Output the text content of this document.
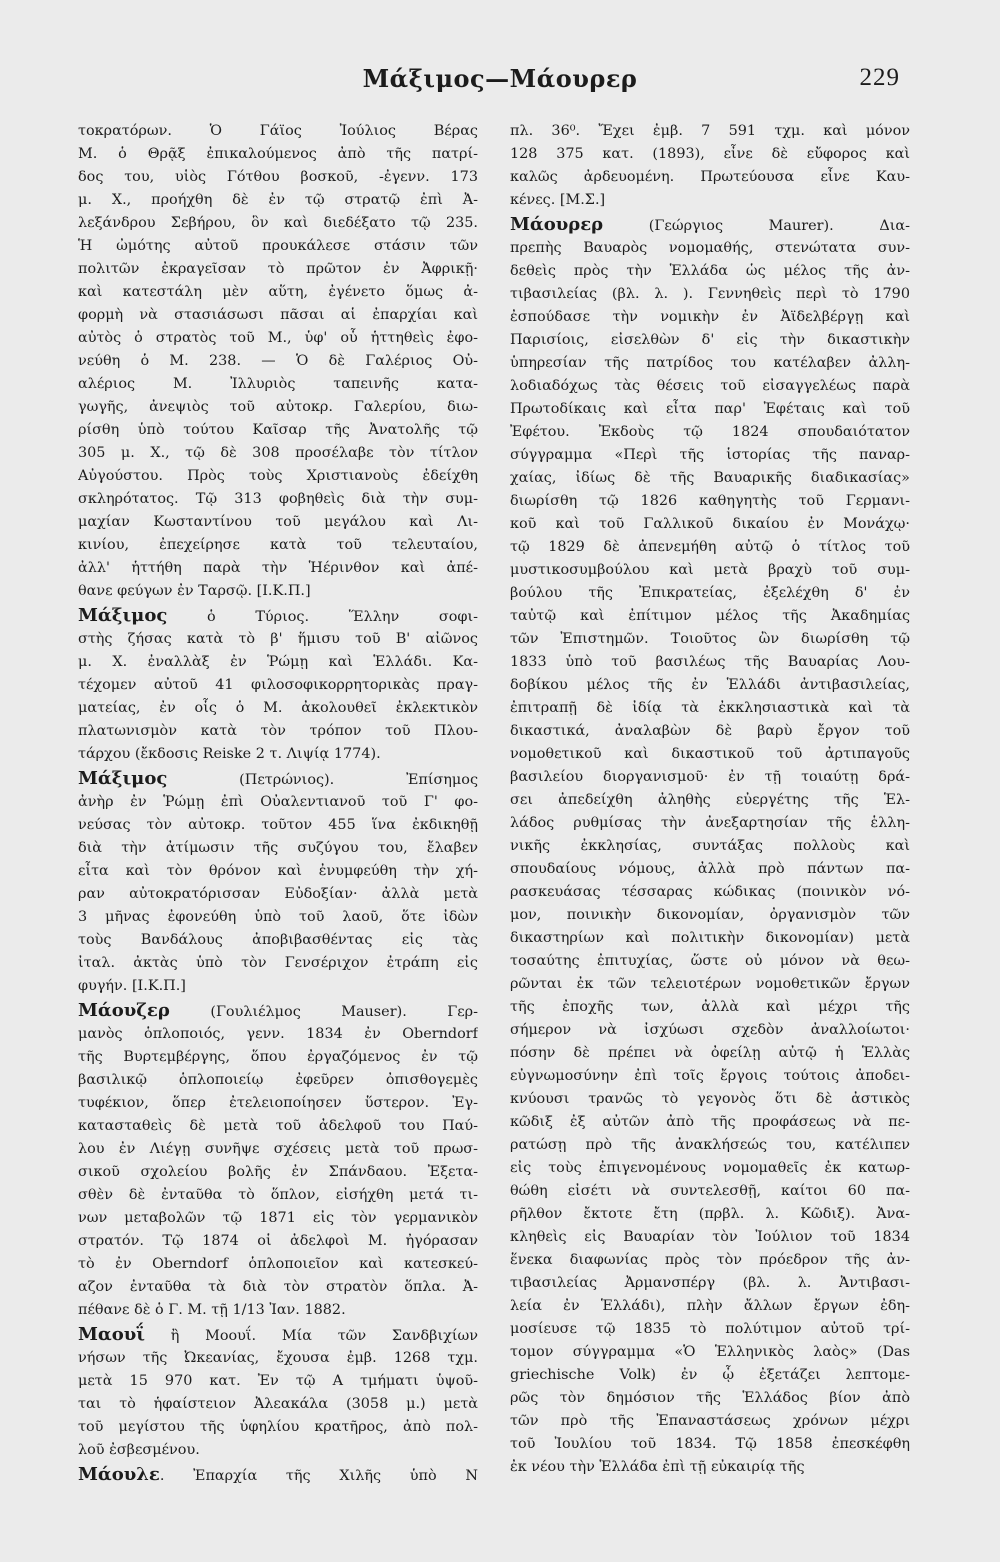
Μάξιμος—Μάουρερ	229
τοκρατόρων. Ὁ Γάϊος Ἰούλιος Βέρας
Μ. ὁ Θρᾷξ ἐπικαλούμενος ἀπὸ τῆς πατρί-
δος του, υἱὸς Γότθου βοσκοῦ, -ἐγενν. 173
μ. Χ., προήχθη δὲ ἐν τῷ στρατῷ ἐπὶ Ἀ-
λεξάνδρου Σεβήρου, ὃν καὶ διεδέξατο τῷ 235.
Ἡ ὠμότης αὐτοῦ προυκάλεσε στάσιν τῶν
πολιτῶν ἐκραγεῖσαν τὸ πρῶτον ἐν Ἀφρικῇ·
καὶ κατεστάλη μὲν αὕτη, ἐγένετο ὅμως ἀ-
φορμὴ νὰ στασιάσωσι πᾶσαι αἱ ἐπαρχίαι καὶ
αὐτὸς ὁ στρατὸς τοῦ Μ., ὑφ' οὗ ἡττηθεὶς ἐφο-
νεύθη ὁ Μ. 238. — Ὁ δὲ Γαλέριος Οὐ-
αλέριος Μ. Ἰλλυριὸς ταπεινῆς κατα-
γωγῆς, ἀνεψιὸς τοῦ αὐτοκρ. Γαλερίου, διω-
ρίσθη ὑπὸ τούτου Καῖσαρ τῆς Ἀνατολῆς τῷ
305 μ. Χ., τῷ δὲ 308 προσέλαβε τὸν τίτλον
Αὐγούστου. Πρὸς τοὺς Χριστιανοὺς ἐδείχθη
σκληρότατος. Τῷ 313 φοβηθεὶς διὰ τὴν συμ-
μαχίαν Κωσταντίνου τοῦ μεγάλου καὶ Λι-
κινίου, ἐπεχείρησε κατὰ τοῦ τελευταίου,
ἀλλ' ἡττήθη παρὰ τὴν Ἡέρινθον καὶ ἀπέ-
θανε φεύγων ἐν Ταρσῷ. [Ι.Κ.Π.]
Μάξιμος ὁ Τύριος. Ἕλλην σοφι-
στὴς ζήσας κατὰ τὸ β' ἥμισυ τοῦ Β' αἰῶνος
μ. Χ. ἐναλλὰξ ἐν Ῥώμῃ καὶ Ἑλλάδι. Κα-
τέχομεν αὐτοῦ 41 φιλοσοφικορρητορικὰς πραγ-
ματείας, ἐν οἷς ὁ Μ. ἀκολουθεῖ ἐκλεκτικὸν
πλατωνισμὸν κατὰ τὸν τρόπον τοῦ Πλου-
τάρχου (ἔκδοσις Reiske 2 τ. Λιψίᾳ 1774).
Μάξιμος (Πετρώνιος). Ἐπίσημος
ἀνὴρ ἐν Ῥώμῃ ἐπὶ Οὐαλεντιανοῦ τοῦ Γ' φο-
νεύσας τὸν αὐτοκρ. τοῦτον 455 ἵνα ἐκδικηθῇ
διὰ τὴν ἀτίμωσιν τῆς συζύγου του, ἔλαβεν
εἶτα καὶ τὸν θρόνον καὶ ἐνυμφεύθη τὴν χή-
ραν αὐτοκρατόρισσαν Εὐδοξίαν· ἀλλὰ μετὰ
3 μῆνας ἐφονεύθη ὑπὸ τοῦ λαοῦ, ὅτε ἰδὼν
τοὺς Βανδάλους ἀποβιβασθέντας εἰς τὰς
ἰταλ. ἀκτὰς ὑπὸ τὸν Γενσέριχον ἐτράπη εἰς
φυγήν. [Ι.Κ.Π.]
Μάουζερ (Γουλιέλμος Mauser). Γερ-
μανὸς ὁπλοποιός, γενν. 1834 ἐν Oberndorf
τῆς Βυρτεμβέργης, ὅπου ἐργαζόμενος ἐν τῷ
βασιλικῷ ὁπλοποιείῳ ἐφεῦρεν ὀπισθογεμὲς
τυφέκιον, ὅπερ ἐτελειοποίησεν ὕστερον. Ἐγ-
κατασταθεὶς δὲ μετὰ τοῦ ἀδελφοῦ του Παύ-
λου ἐν Λιέγῃ συνῆψε σχέσεις μετὰ τοῦ πρωσ-
σικοῦ σχολείου βολῆς ἐν Σπάνδαου. Ἐξετα-
σθὲν δὲ ἐνταῦθα τὸ ὅπλον, εἰσήχθη μετά τι-
νων μεταβολῶν τῷ 1871 εἰς τὸν γερμανικὸν
στρατόν. Τῷ 1874 οἱ ἀδελφοὶ Μ. ἠγόρασαν
τὸ ἐν Oberndorf ὁπλοποιεῖον καὶ κατεσκεύ-
αζον ἐνταῦθα τὰ διὰ τὸν στρατὸν ὅπλα. Ἀ-
πέθανε δὲ ὁ Γ. Μ. τῇ 1/13 Ἰαν. 1882.
Μαουΐ ἢ Μοουΐ. Μία τῶν Σανδβιχίων
νήσων τῆς Ὠκεανίας, ἔχουσα ἐμβ. 1268 τχμ.
μετὰ 15 970 κατ. Ἐν τῷ Α τμήματι ὑψοῦ-
ται τὸ ἡφαίστειον Ἀλεακάλα (3058 μ.) μετὰ
τοῦ μεγίστου τῆς ὑφηλίου κρατῆρος, ἀπὸ πολ-
λοῦ ἐσβεσμένου.
Μάουλε. Ἐπαρχία τῆς Χιλῆς ὑπὸ Ν
πλ. 36⁰. Ἔχει ἐμβ. 7 591 τχμ. καὶ μόνον
128 375 κατ. (1893), εἶνε δὲ εὔφορος καὶ
καλῶς ἀρδευομένη. Πρωτεύουσα εἶνε Καυ-
κένες. [Μ.Σ.]
Μάουρερ (Γεώργιος Maurer). Δια-
πρεπὴς Βαυαρὸς νομομαθής, στενώτατα συν-
δεθεὶς πρὸς τὴν Ἑλλάδα ὡς μέλος τῆς ἀν-
τιβασιλείας (βλ. λ. ). Γεννηθεὶς περὶ τὸ 1790
ἐσπούδασε τὴν νομικὴν ἐν Ἀϊδελβέργῃ καὶ
Παρισίοις, εἰσελθὼν δ' εἰς τὴν δικαστικὴν
ὑπηρεσίαν τῆς πατρίδος του κατέλαβεν ἀλλη-
λοδιαδόχως τὰς θέσεις τοῦ εἰσαγγελέως παρὰ
Πρωτοδίκαις καὶ εἶτα παρ' Ἐφέταις καὶ τοῦ
Ἐφέτου. Ἐκδοὺς τῷ 1824 σπουδαιότατον
σύγγραμμα «Περὶ τῆς ἱστορίας τῆς παναρ-
χαίας, ἰδίως δὲ τῆς Βαυαρικῆς διαδικασίας»
διωρίσθη τῷ 1826 καθηγητὴς τοῦ Γερμανι-
κοῦ καὶ τοῦ Γαλλικοῦ δικαίου ἐν Μονάχῳ·
τῷ 1829 δὲ ἀπενεμήθη αὐτῷ ὁ τίτλος τοῦ
μυστικοσυμβούλου καὶ μετὰ βραχὺ τοῦ συμ-
βούλου τῆς Ἐπικρατείας, ἐξελέχθη δ' ἐν
ταὐτῷ καὶ ἐπίτιμον μέλος τῆς Ἀκαδημίας
τῶν Ἐπιστημῶν. Τοιοῦτος ὢν διωρίσθη τῷ
1833 ὑπὸ τοῦ βασιλέως τῆς Βαυαρίας Λου-
δοβίκου μέλος τῆς ἐν Ἑλλάδι ἀντιβασιλείας,
ἐπιτραπῇ δὲ ἰδίᾳ τὰ ἐκκλησιαστικὰ καὶ τὰ
δικαστικά, ἀναλαβὼν δὲ βαρὺ ἔργον τοῦ
νομοθετικοῦ καὶ δικαστικοῦ τοῦ ἀρτιπαγοῦς
βασιλείου διοργανισμοῦ· ἐν τῇ τοιαύτῃ δρά-
σει ἀπεδείχθη ἀληθὴς εὐεργέτης τῆς Ἑλ-
λάδος ρυθμίσας τὴν ἀνεξαρτησίαν τῆς ἑλλη-
νικῆς ἐκκλησίας, συντάξας πολλοὺς καὶ
σπουδαίους νόμους, ἀλλὰ πρὸ πάντων πα-
ρασκευάσας τέσσαρας κώδικας (ποινικὸν νό-
μον, ποινικὴν δικονομίαν, ὀργανισμὸν τῶν
δικαστηρίων καὶ πολιτικὴν δικονομίαν) μετὰ
τοσαύτης ἐπιτυχίας, ὥστε οὐ μόνον νὰ θεω-
ρῶνται ἐκ τῶν τελειοτέρων νομοθετικῶν ἔργων
τῆς ἐποχῆς των, ἀλλὰ καὶ μέχρι τῆς
σήμερον νὰ ἰσχύωσι σχεδὸν ἀναλλοίωτοι·
πόσην δὲ πρέπει νὰ ὀφείλῃ αὐτῷ ἡ Ἑλλὰς
εὐγνωμοσύνην ἐπὶ τοῖς ἔργοις τούτοις ἀποδει-
κνύουσι τρανῶς τὸ γεγονὸς ὅτι δὲ ἀστικὸς
κῶδιξ ἐξ αὐτῶν ἀπὸ τῆς προφάσεως νὰ πε-
ρατώσῃ πρὸ τῆς ἀνακλήσεώς του, κατέλιπεν
εἰς τοὺς ἐπιγενομένους νομομαθεῖς ἐκ κατωρ-
θώθη εἰσέτι νὰ συντελεσθῇ, καίτοι 60 πα-
ρῆλθον ἔκτοτε ἔτη (πρβλ. λ. Κῶδιξ). Ἀνα-
κληθεὶς εἰς Βαυαρίαν τὸν Ἰούλιον τοῦ 1834
ἕνεκα διαφωνίας πρὸς τὸν πρόεδρον τῆς ἀν-
τιβασιλείας Ἀρμανσπέργ (βλ. λ. Ἀντιβασι-
λεία ἐν Ἑλλάδι), πλὴν ἄλλων ἔργων ἐδη-
μοσίευσε τῷ 1835 τὸ πολύτιμον αὐτοῦ τρί-
τομον σύγγραμμα «Ὁ Ἑλληνικὸς λαὸς» (Das
griechische Volk) ἐν ᾧ ἐξετάζει λεπτομε-
ρῶς τὸν δημόσιον τῆς Ἑλλάδος βίον ἀπὸ
τῶν πρὸ τῆς Ἐπαναστάσεως χρόνων μέχρι
τοῦ Ἰουλίου τοῦ 1834. Τῷ 1858 ἐπεσκέφθη
ἐκ νέου τὴν Ἑλλάδα ἐπὶ τῇ εὐκαιρίᾳ τῆς
